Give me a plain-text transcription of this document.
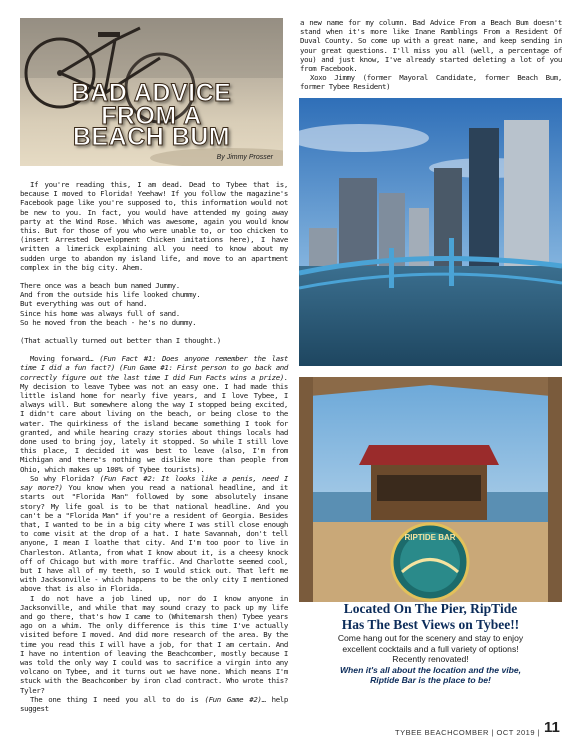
BAD ADVICE
FROM A
BEACH BUM
By Jimmy Prosser

If you're reading this, I am dead. Dead to Tybee that is, because I moved to Florida! Yeehaw! If you follow the magazine's Facebook page like you're supposed to, this information would not be new to you. In fact, you would have attended my going away party at the Wind Rose. Which was awesome, again you would know this. But for those of you who were unable to, or too chicken to (insert Arrested Development Chicken imitations here), I have written a limerick explaining all you need to know about my sudden urge to abandon my island life, and move to an apartment complex in the big city. Ahem.

There once was a beach bum named Jummy.

And from the outside his life looked chummy.

But everything was out of hand.

Since his home was always full of sand.

So he moved from the beach - he's no dummy.

(That actually turned out better than I thought.)

Moving forward… (Fun Fact #1: Does anyone remember the last time I did a fun fact?) (Fun Game #1: First person to go back and correctly figure out the last time I did Fun Facts wins a prize). My decision to leave Tybee was not an easy one. I had made this little island home for nearly five years, and I love Tybee, I always will. But somewhere along the way I stopped being excited, I didn't care about living on the beach, or being close to the water. The quirkiness of the island became something I took for granted, and while hearing crazy stories about things locals had done used to bring joy, lately it stopped. So while I still love this place, I decided it was best to leave (also, I'm from Michigan and there's nothing we dislike more than people from Ohio, which makes up 100% of Tybee tourists).

So why Florida? (Fun Fact #2: It looks like a penis, need I say more?) You know when you read a national headline, and it starts out "Florida Man" followed by some absolutely insane story? My life goal is to be that national headline. And you can't be a "Florida Man" if you're a resident of Georgia. Besides that, I wanted to be in a big city where I was still close enough to come visit at the drop of a hat. I hate Savannah, don't tell anyone, I mean I loathe that city. And I'm too poor to live in Charleston. Atlanta, from what I know about it, is a cheesy knock off of Chicago but with more traffic. And Charlotte seemed cool, but I have all of my teeth, so I would stick out. That left me with Jacksonville - which happens to be the only city I mentioned above that is also in Florida.

I do not have a job lined up, nor do I know anyone in Jacksonville, and while that may sound crazy to pack up my life and go there, that's how I came to (Whitemarsh then) Tybee years ago on a whim. The only difference is this time I've actually visited before I moved. And did more research of the area. By the time you read this I will have a job, for that I am certain. And I have no intention of leaving the Beachcomber, mostly because I was told the only way I could was to sacrifice a virgin into any volcano on Tybee, and it turns out we have none. Which means I'm stuck with the Beachcomber by iron clad contract. Who wrote this? Tyler?

The one thing I need you all to do is (Fun Game #2)… help suggest

a new name for my column. Bad Advice From a Beach Bum doesn't stand when it's more like Inane Ramblings From a Resident Of Duval County. So come up with a great name, and keep sending in your great questions. I'll miss you all (well, a percentage of you) and just know, I've already started deleting a lot of you from Facebook.

Xoxo Jimmy (former Mayoral Candidate, former Beach Bum, former Tybee Resident)

RIPTIDE BAR
Located On The Pier, RipTide
Has The Best Views on Tybee!!
Come hang out for the scenery and stay to enjoy
excellent cocktails and a full variety of options!
Recently renovated!
When it's all about the location and the vibe,
Riptide Bar is the place to be!
TYBEE BEACHCOMBER | OCT 2019 | 11
